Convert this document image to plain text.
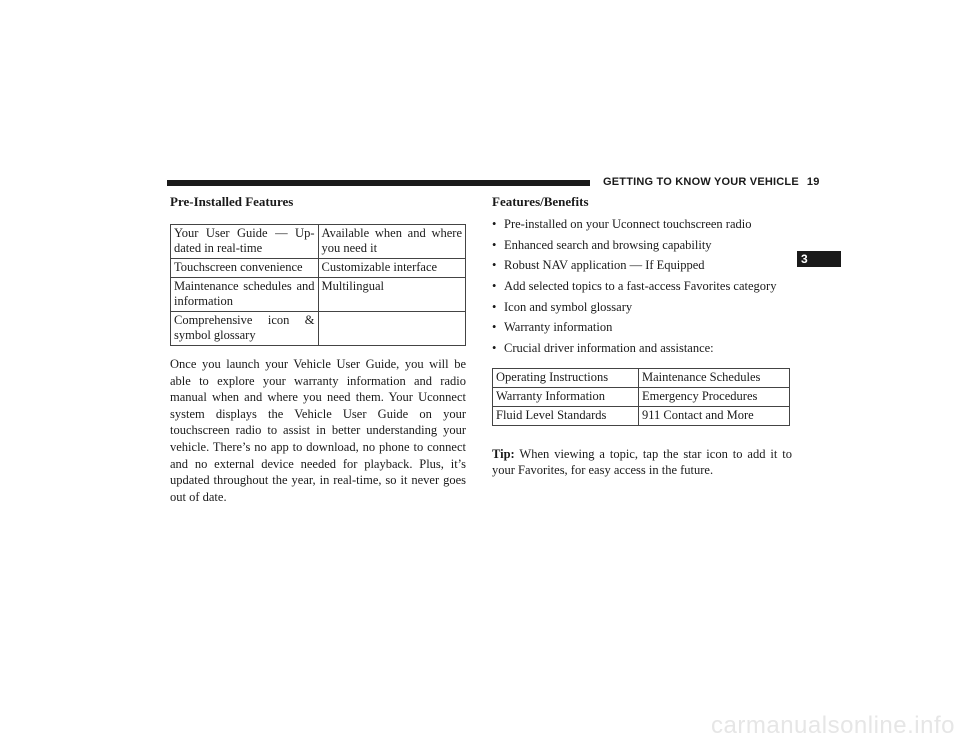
GETTING TO KNOW YOUR VEHICLE 19
3
Pre-Installed Features
Your User Guide — Up-dated in real-time	Available when and where you need it
Touchscreen convenience	Customizable interface
Maintenance schedules and information	Multilingual
Comprehensive icon & symbol glossary	

Once you launch your Vehicle User Guide, you will be able to explore your warranty information and radio manual when and where you need them. Your Uconnect system displays the Vehicle User Guide on your touchscreen radio to assist in better understanding your vehicle. There’s no app to download, no phone to connect and no external device needed for playback. Plus, it’s updated throughout the year, in real-time, so it never goes out of date.

Features/Benefits
• Pre-installed on your Uconnect touchscreen radio
• Enhanced search and browsing capability
• Robust NAV application — If Equipped
• Add selected topics to a fast-access Favorites category
• Icon and symbol glossary
• Warranty information
• Crucial driver information and assistance:
Operating Instructions	Maintenance Schedules
Warranty Information	Emergency Procedures
Fluid Level Standards	911 Contact and More

Tip: When viewing a topic, tap the star icon to add it to your Favorites, for easy access in the future.

carmanualsonline.info
